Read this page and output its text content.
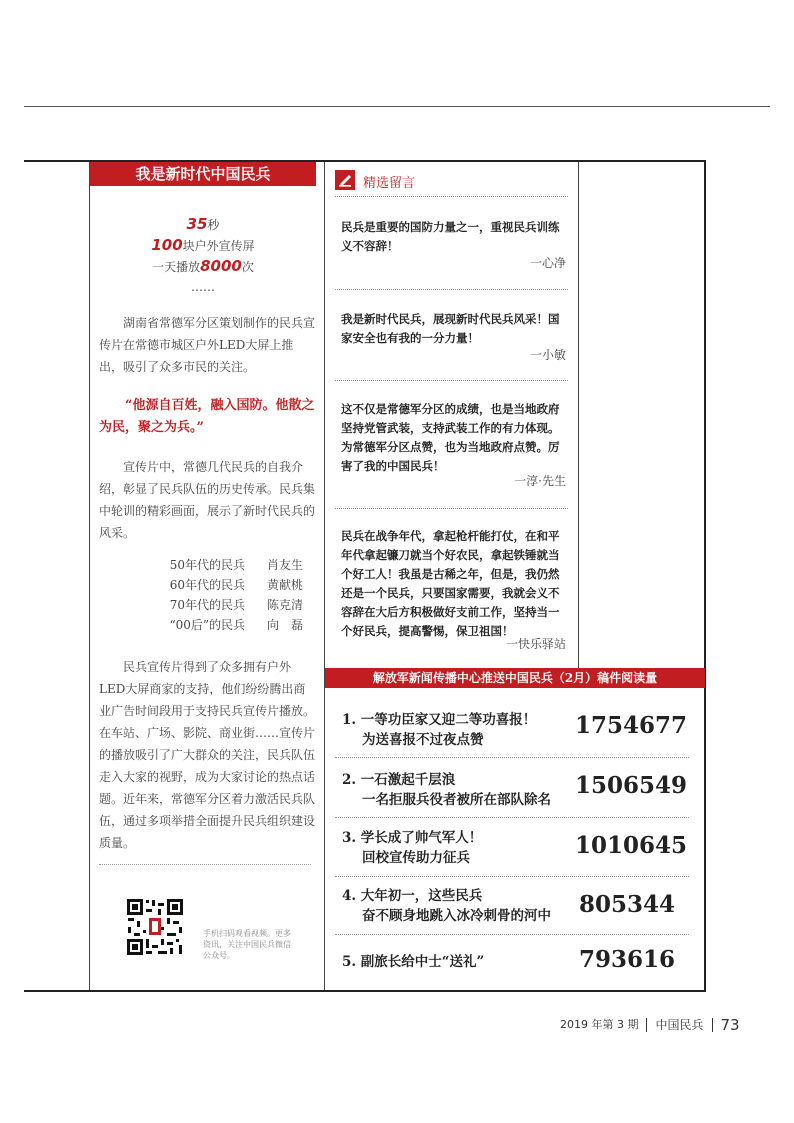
我是新时代中国民兵
35秒
100块户外宣传屏
一天播放8000次
……

湖南省常德军分区策划制作的民兵宣传片在常德市城区户外LED大屏上推出，吸引了众多市民的关注。

“他源自百姓，融入国防。他散之为民，聚之为兵。”

宣传片中，常德几代民兵的自我介绍，彰显了民兵队伍的历史传承。民兵集中轮训的精彩画面，展示了新时代民兵的风采。

50年代的民兵	肖友生
60年代的民兵	黄献桃
70年代的民兵	陈克清
“00后”的民兵	向　磊

民兵宣传片得到了众多拥有户外LED大屏商家的支持，他们纷纷腾出商业广告时间段用于支持民兵宣传片播放。在车站、广场、影院、商业街……宣传片的播放吸引了广大群众的关注，民兵队伍走入大家的视野，成为大家讨论的热点话题。近年来，常德军分区着力激活民兵队伍，通过多项举措全面提升民兵组织建设质量。

手机扫码观看视频。更多资讯，关注中国民兵微信公众号。
精选留言

民兵是重要的国防力量之一，重视民兵训练义不容辞！

一心净

我是新时代民兵，展现新时代民兵风采！国家安全也有我的一分力量！

一小敏

这不仅是常德军分区的成绩，也是当地政府坚持党管武装，支持武装工作的有力体现。为常德军分区点赞，也为当地政府点赞。厉害了我的中国民兵！

一淳·先生

民兵在战争年代，拿起枪杆能打仗，在和平年代拿起镰刀就当个好农民，拿起铁锤就当个好工人！我虽是古稀之年，但是，我仍然还是一个民兵，只要国家需要，我就会义不容辞在大后方积极做好支前工作，坚持当一个好民兵，提高警惕，保卫祖国！

一快乐驿站
解放军新闻传播中心推送中国民兵（2月）稿件阅读量
1. 一等功臣家又迎二等功喜报！
为送喜报不过夜点赞
1754677
2. 一石激起千层浪
一名拒服兵役者被所在部队除名
1506549
3. 学长成了帅气军人！
回校宣传助力征兵	1010645
4. 大年初一，这些民兵
奋不顾身地跳入冰冷刺骨的河中	805344
5. 副旅长给中士“送礼”	793616
2019 年第 3 期 中国民兵 73
